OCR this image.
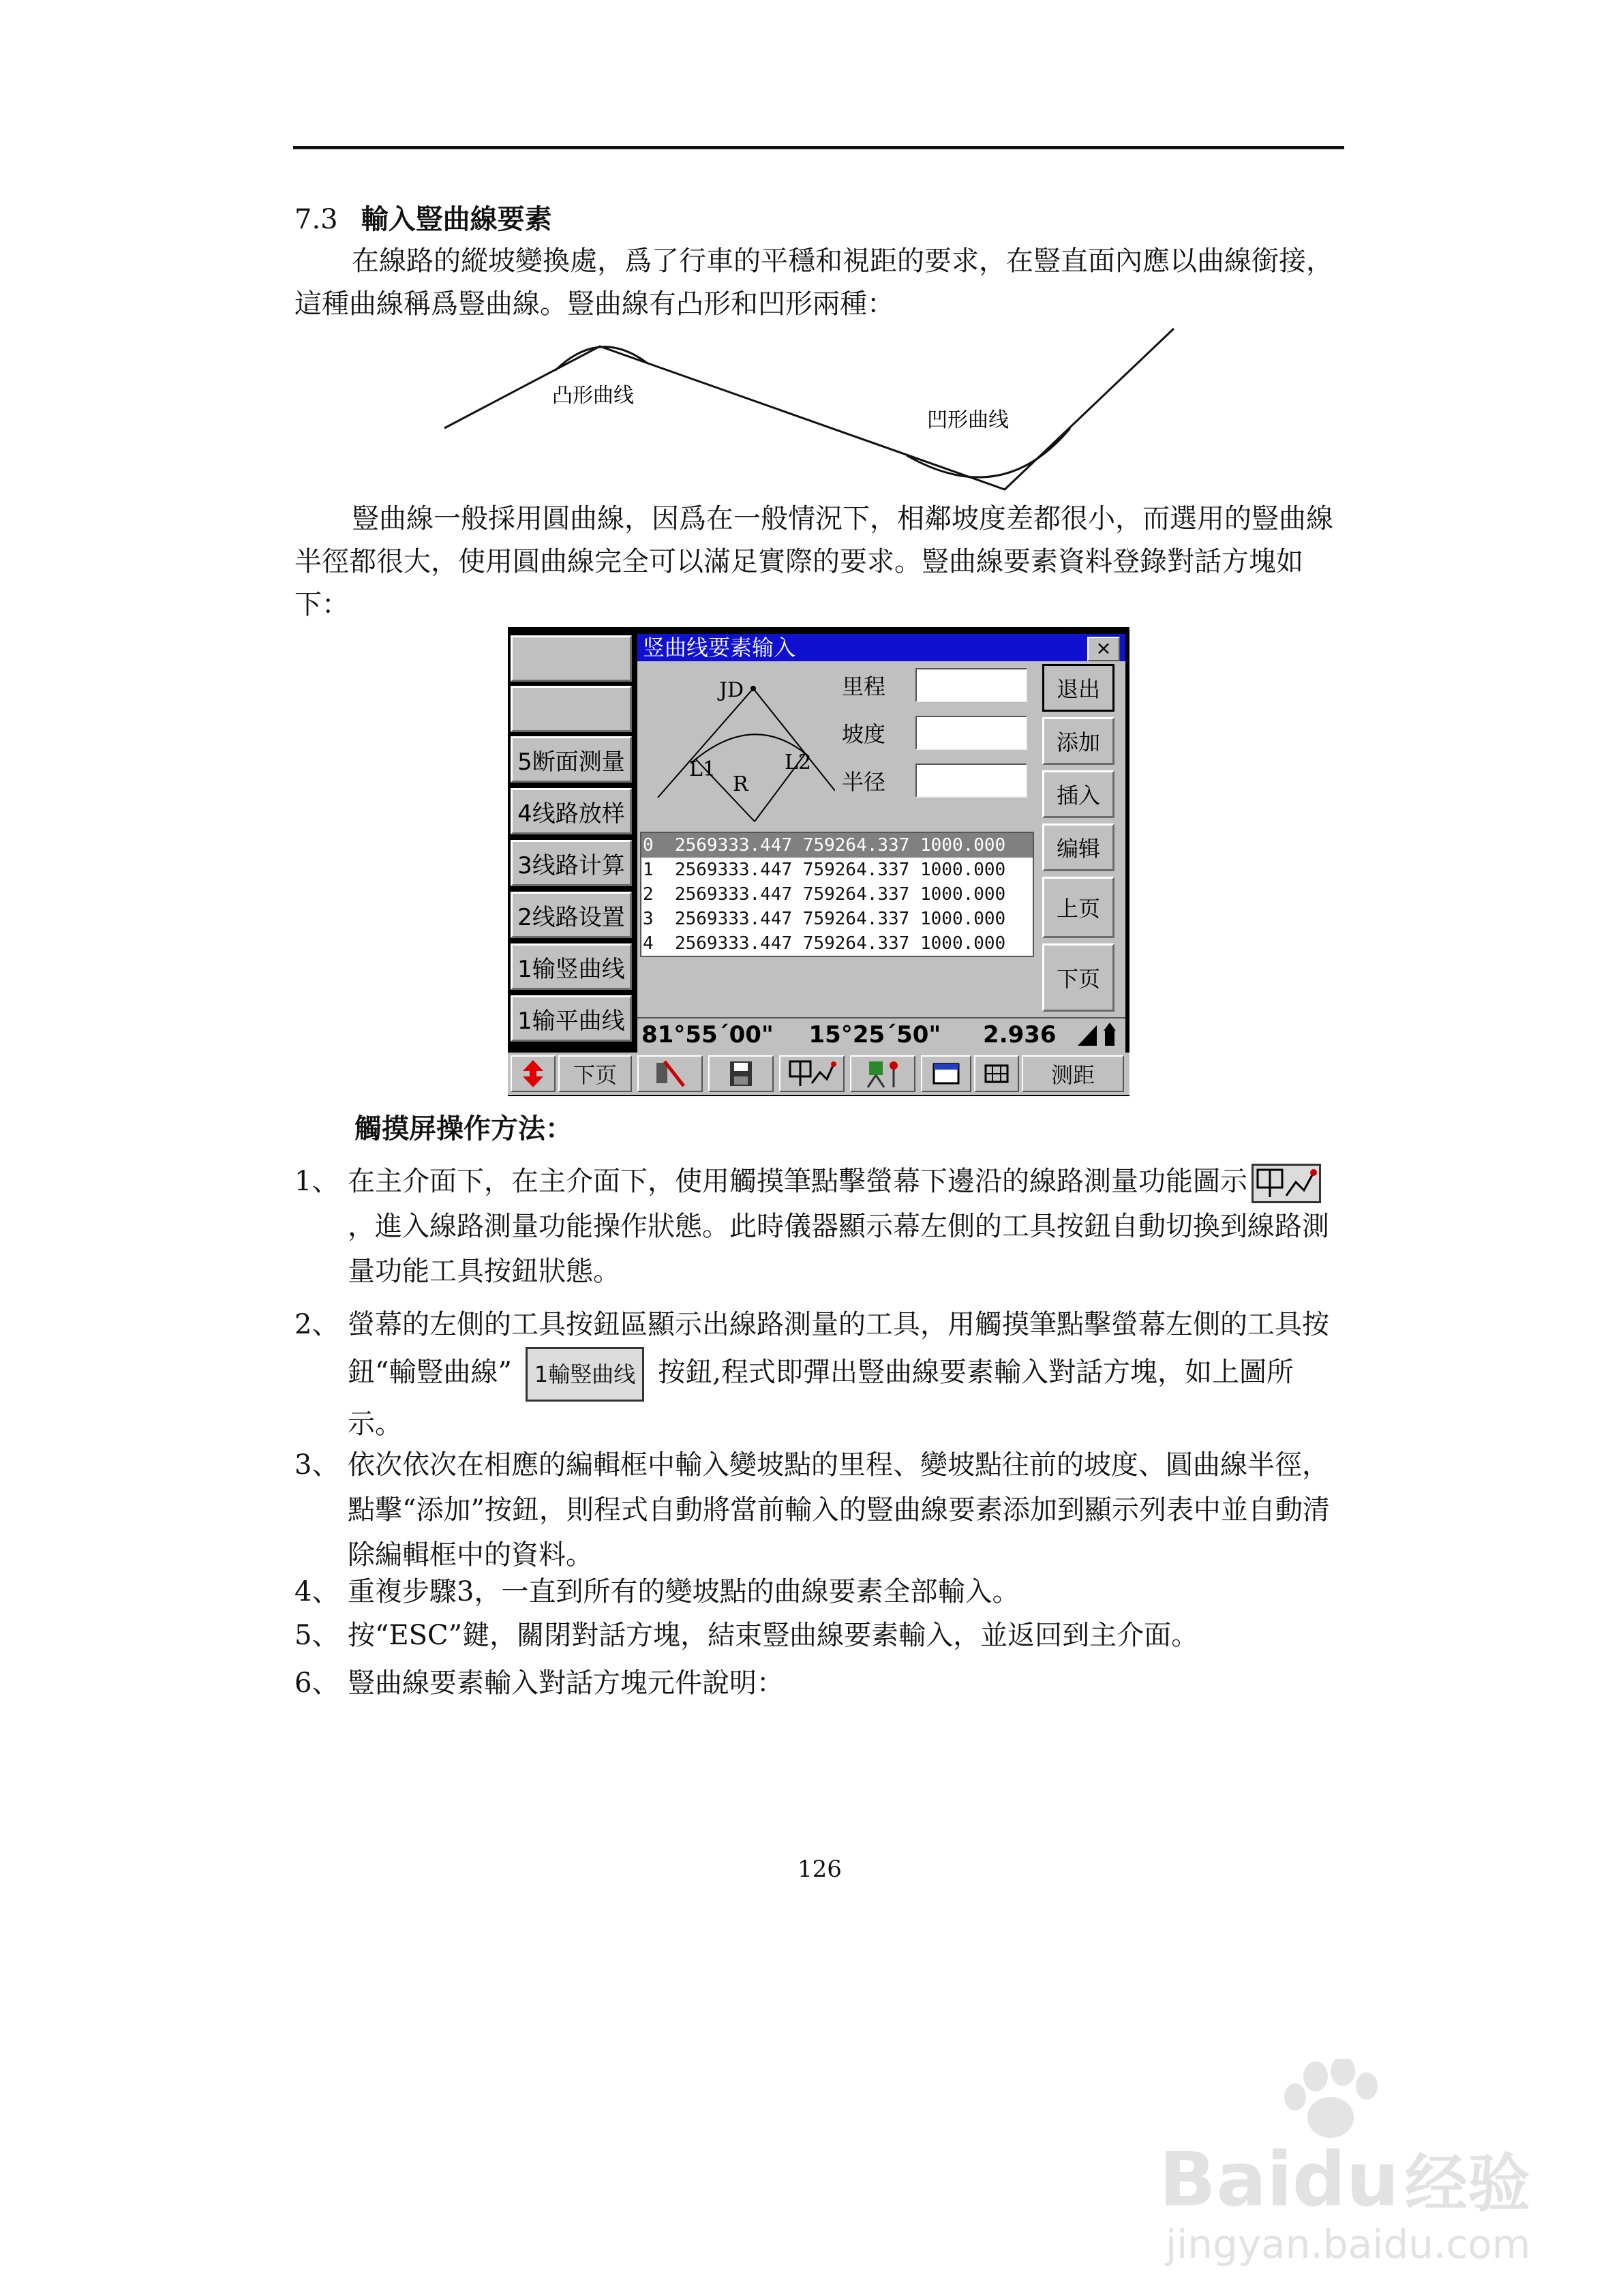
7.3 輸入豎曲線要素

在線路的縱坡變換處，爲了行車的平穩和視距的要求，在豎直面內應以曲線銜接，這種曲線稱爲豎曲線。豎曲線有凸形和凹形兩種：

凸形曲线
凹形曲线

豎曲線一般採用圓曲線，因爲在一般情況下，相鄰坡度差都很小，而選用的豎曲線半徑都很大，使用圓曲線完全可以滿足實際的要求。豎曲線要素資料登錄對話方塊如下：

5断面测量
4线路放样
3线路计算
2线路设置
1输竖曲线
1输平曲线
竖曲线要素输入	×
JD
L1	L2
R
里程
坡度
半径
退出
添加
插入
编辑
上页
下页
0  2569333.447 759264.337 1000.000
1  2569333.447 759264.337 1000.000
2  2569333.447 759264.337 1000.000
3  2569333.447 759264.337 1000.000
4  2569333.447 759264.337 1000.000
81°55´00" 15°25´50" 2.936
下页	测距
觸摸屏操作方法：
1、 在主介面下，在主介面下，使用觸摸筆點擊螢幕下邊沿的線路測量功能圖示，進入線路測量功能操作狀態。此時儀器顯示幕左側的工具按鈕自動切換到線路測量功能工具按鈕狀態。
2、 螢幕的左側的工具按鈕區顯示出線路測量的工具，用觸摸筆點擊螢幕左側的工具按鈕“輸豎曲線” 1輸竪曲线 按鈕,程式即彈出豎曲線要素輸入對話方塊，如上圖所示。
3、 依次依次在相應的編輯框中輸入變坡點的里程、變坡點往前的坡度、圓曲線半徑，點擊“添加”按鈕，則程式自動將當前輸入的豎曲線要素添加到顯示列表中並自動清除編輯框中的資料。
4、 重複步驟3，一直到所有的變坡點的曲線要素全部輸入。
5、 按“ESC”鍵，關閉對話方塊，結束豎曲線要素輸入，並返回到主介面。
6、 豎曲線要素輸入對話方塊元件說明：
126
Baidu经验
jingyan.baidu.com
